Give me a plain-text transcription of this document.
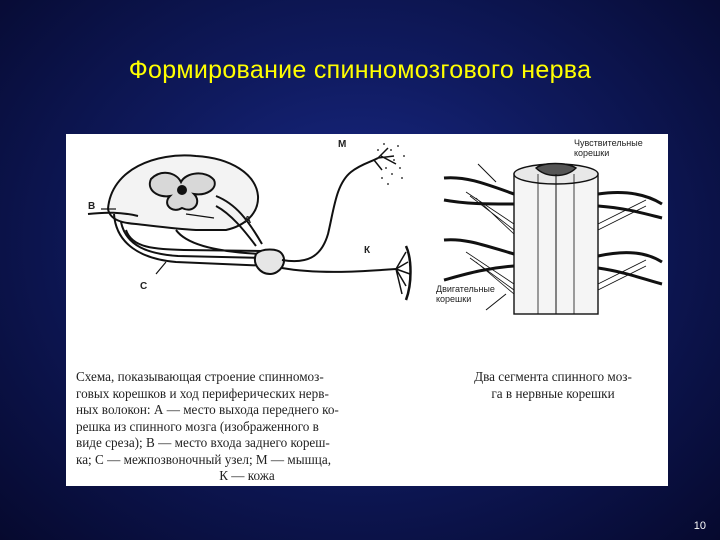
Формирование спинномозгового нерва
М
В
А
К
С
Чувствительные корешки
Двигательные корешки
Схема, показывающая строение спинномоз-
говых корешков и ход периферических нерв-
ных волокон: А — место выхода переднего ко-
решка из спинного мозга (изображенного в
виде среза); В — место входа заднего кореш-
ка; С — межпозвоночный узел; М — мышца,
К — кожа
Два сегмента спинного моз-
га в нервные корешки
10
